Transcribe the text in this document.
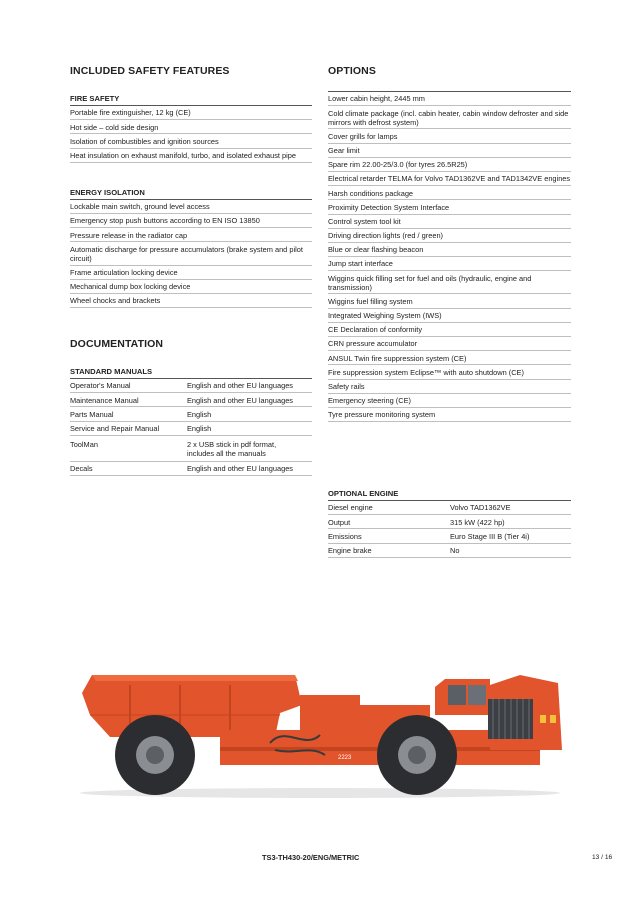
INCLUDED SAFETY FEATURES
FIRE SAFETY
Portable fire extinguisher, 12 kg (CE)
Hot side – cold side design
Isolation of combustibles and ignition sources
Heat insulation on exhaust manifold, turbo, and isolated exhaust pipe
ENERGY ISOLATION
Lockable main switch, ground level access
Emergency stop push buttons according to EN ISO 13850
Pressure release in the radiator cap
Automatic discharge for pressure accumulators (brake system and pilot circuit)
Frame articulation locking device
Mechanical dump box locking device
Wheel chocks and brackets
DOCUMENTATION
STANDARD MANUALS
Operator's Manual	English and other EU languages
Maintenance Manual	English and other EU languages
Parts Manual	English
Service and Repair Manual	English
ToolMan	2 x USB stick in pdf format, includes all the manuals
Decals	English and other EU languages
OPTIONS
Lower cabin height, 2445 mm
Cold climate package (incl. cabin heater, cabin window defroster and side mirrors with defrost system)
Cover grills for lamps
Gear limit
Spare rim 22.00-25/3.0 (for tyres 26.5R25)
Electrical retarder TELMA for Volvo TAD1362VE and TAD1342VE engines
Harsh conditions package
Proximity Detection System Interface
Control system tool kit
Driving direction lights (red / green)
Blue or clear flashing beacon
Jump start interface
Wiggins quick filling set for fuel and oils (hydraulic, engine and transmission)
Wiggins fuel filling system
Integrated Weighing System (IWS)
CE Declaration of conformity
CRN pressure accumulator
ANSUL Twin fire suppression system (CE)
Fire suppression system Eclipse™ with auto shutdown (CE)
Safety rails
Emergency steering (CE)
Tyre pressure monitoring system
OPTIONAL ENGINE
Diesel engine	Volvo TAD1362VE
Output	315 kW (422 hp)
Emissions	Euro Stage III B (Tier 4i)
Engine brake	No
2223
TS3-TH430-20/ENG/METRIC	13 / 16
